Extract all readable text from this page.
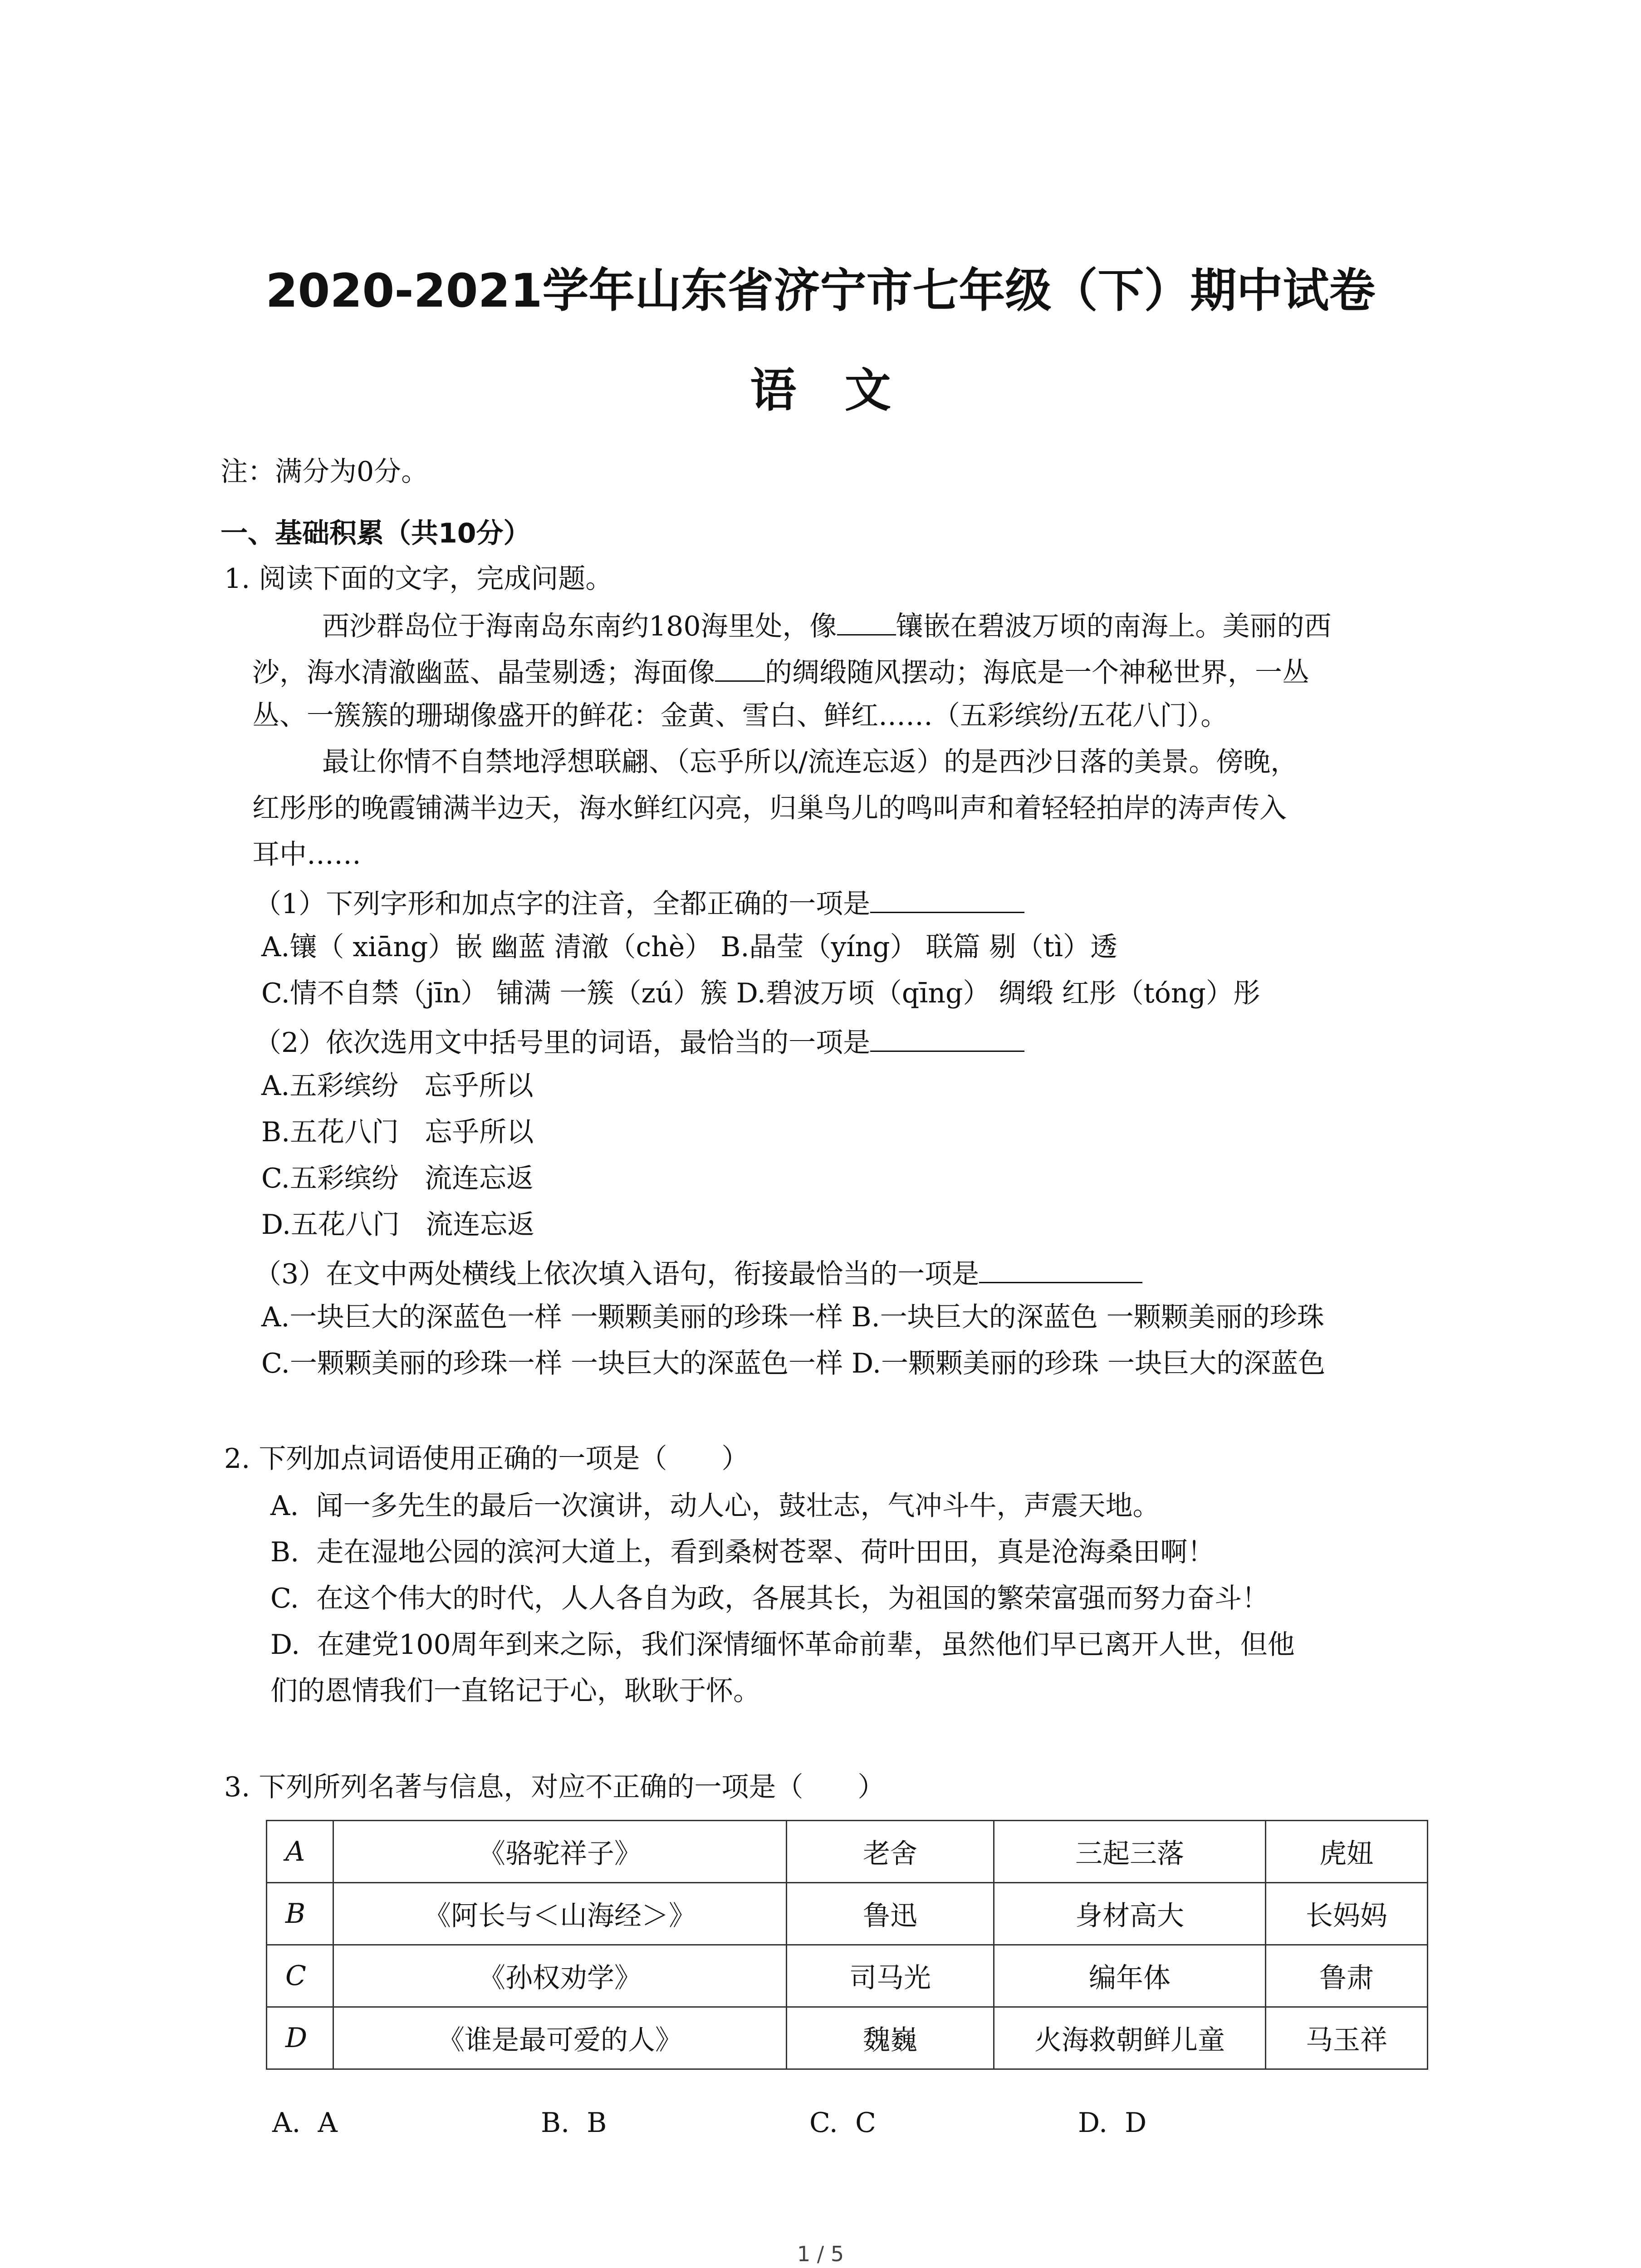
2020-2021学年山东省济宁市七年级（下）期中试卷
语   文
注：满分为0分。
一、基础积累（共10分）
1. 阅读下面的文字，完成问题。
西沙群岛位于海南岛东南约180海里处，像 镶嵌在碧波万顷的南海上。美丽的西
沙，海水清澈幽蓝、晶莹剔透；海面像 的绸缎随风摆动；海底是一个神秘世界，一丛
丛、一簇簇的珊瑚像盛开的鲜花：金黄、雪白、鲜红……（五彩缤纷/五花八门）。
最让你情不自禁地浮想联翩、（忘乎所以/流连忘返）的是西沙日落的美景。傍晚，
红彤彤的晚霞铺满半边天，海水鲜红闪亮，归巢鸟儿的鸣叫声和着轻轻拍岸的涛声传入
耳中……
（1）下列字形和加点字的注音，全都正确的一项是
A.镶（ xiāng）嵌 幽蓝 清澈（chè） B.晶莹（yíng） 联篇 剔（tì）透
C.情不自禁（jīn） 铺满 一簇（zú）簇 D.碧波万顷（qīng） 绸缎 红彤（tóng）彤
（2）依次选用文中括号里的词语，最恰当的一项是
A.五彩缤纷   忘乎所以
B.五花八门   忘乎所以
C.五彩缤纷   流连忘返
D.五花八门   流连忘返
（3）在文中两处横线上依次填入语句，衔接最恰当的一项是
A.一块巨大的深蓝色一样 一颗颗美丽的珍珠一样 B.一块巨大的深蓝色 一颗颗美丽的珍珠
C.一颗颗美丽的珍珠一样 一块巨大的深蓝色一样 D.一颗颗美丽的珍珠 一块巨大的深蓝色
2. 下列加点词语使用正确的一项是（　　）
A.  闻一多先生的最后一次演讲，动人心，鼓壮志，气冲斗牛，声震天地。
B.  走在湿地公园的滨河大道上，看到桑树苍翠、荷叶田田，真是沧海桑田啊！
C.  在这个伟大的时代，人人各自为政，各展其长，为祖国的繁荣富强而努力奋斗！
D.  在建党100周年到来之际，我们深情缅怀革命前辈，虽然他们早已离开人世，但他
们的恩情我们一直铭记于心，耿耿于怀。
3. 下列所列名著与信息，对应不正确的一项是（　　）
A	《骆驼祥子》	老舍	三起三落	虎妞
B	《阿长与＜山海经＞》	鲁迅	身材高大	长妈妈
C	《孙权劝学》	司马光	编年体	鲁肃
D	《谁是最可爱的人》	魏巍	火海救朝鲜儿童	马玉祥
A.  A	B.  B	C.  C	D.  D
1 / 5
